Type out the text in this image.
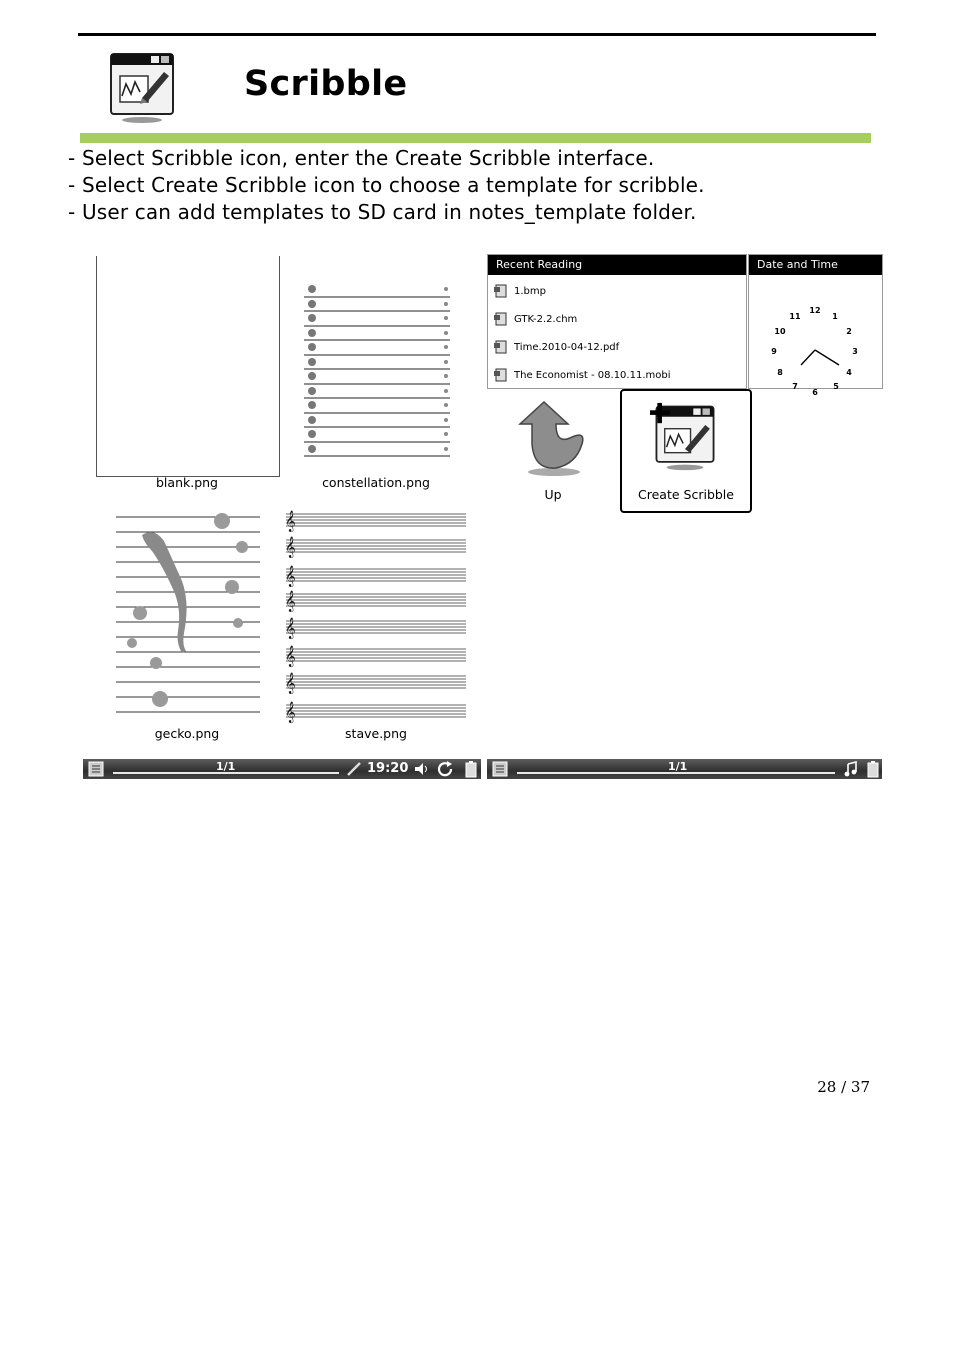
Scribble
- Select Scribble icon, enter the Create Scribble interface.
- Select Create Scribble icon to choose a template for scribble.
- User can add templates to SD card in notes_template folder.
blank.png	constellation.png
gecko.png
𝄞
𝄞
𝄞
𝄞
𝄞
𝄞
𝄞
𝄞
stave.png
Recent Reading
1.bmp
GTK-2.2.chm
Time.2010-04-12.pdf
The Economist - 08.10.11.mobi
Date and Time
12
1
2
3
4
5
6
7
8
9
10
11
Up	Create Scribble
1/1	19:20	1/1
28 / 37
